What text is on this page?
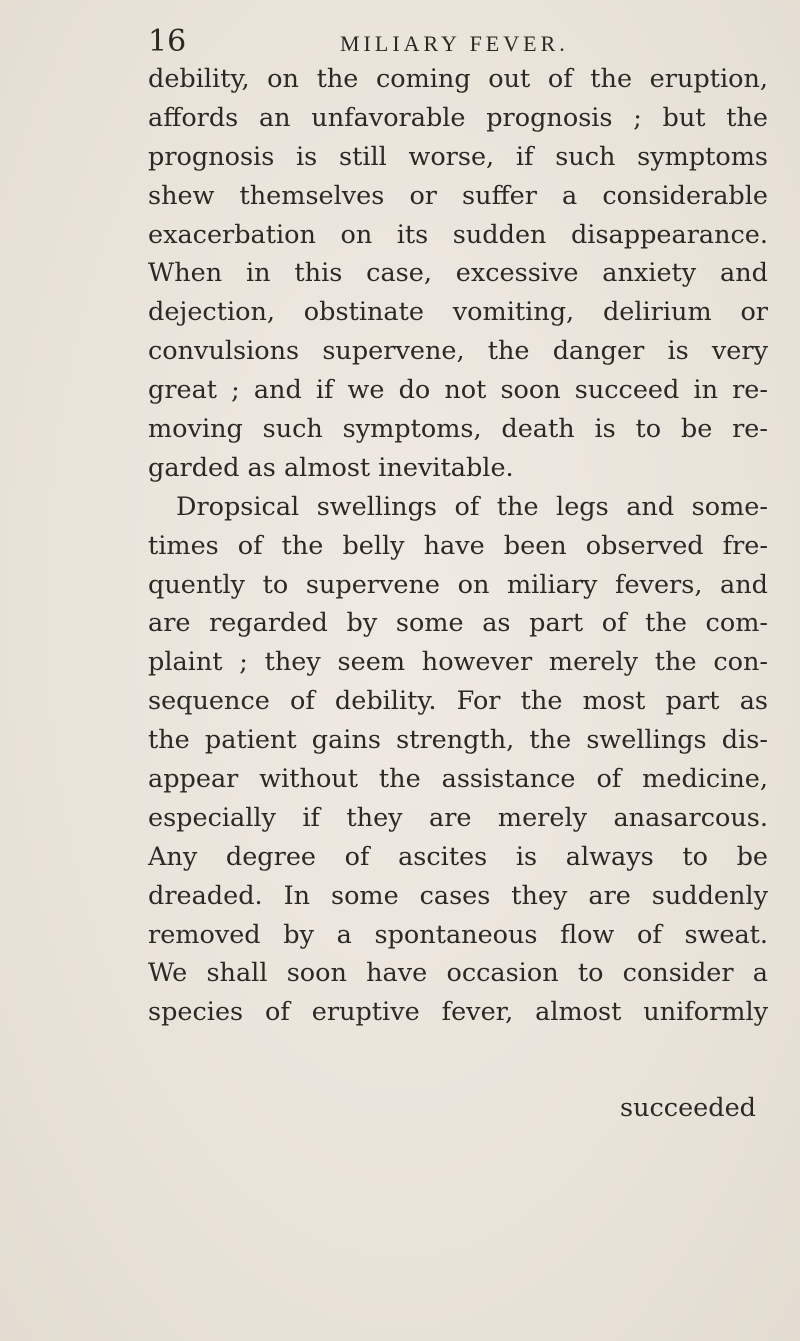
16	MILIARY FEVER.
debility, on the coming out of the eruption,
affords an unfavorable prognosis ; but the
prognosis is still worse, if such symptoms
shew themselves or suffer a considerable
exacerbation on its sudden disappearance.
When in this case, excessive anxiety and
dejection, obstinate vomiting, delirium or
convulsions supervene, the danger is very
great ; and if we do not soon succeed in re-
moving such symptoms, death is to be re-
garded as almost inevitable.
Dropsical swellings of the legs and some-
times of the belly have been observed fre-
quently to supervene on miliary fevers, and
are regarded by some as part of the com-
plaint ; they seem however merely the con-
sequence of debility. For the most part as
the patient gains strength, the swellings dis-
appear without the assistance of medicine,
especially if they are merely anasarcous.
Any degree of ascites is always to be
dreaded. In some cases they are suddenly
removed by a spontaneous flow of sweat.
We shall soon have occasion to consider a
species of eruptive fever, almost uniformly
succeeded
